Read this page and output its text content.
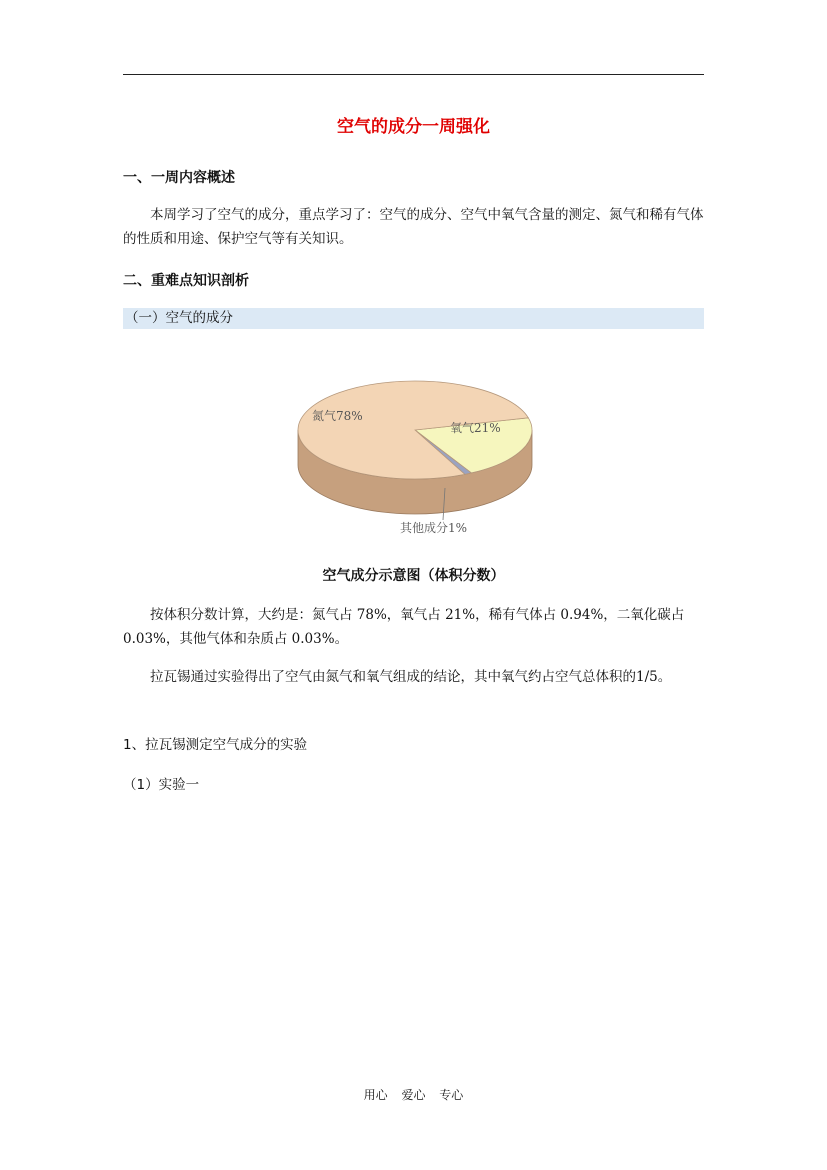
空气的成分一周强化
一、一周内容概述
本周学习了空气的成分，重点学习了：空气的成分、空气中氧气含量的测定、氮气和稀有气体的性质和用途、保护空气等有关知识。
二、重难点知识剖析
（一）空气的成分
氮气78%
氧气21%
其他成分1%
空气成分示意图（体积分数）
按体积分数计算，大约是：氮气占 78%，氧气占 21%，稀有气体占 0.94%，二氧化碳占 0.03%，其他气体和杂质占 0.03%。
拉瓦锡通过实验得出了空气由氮气和氧气组成的结论，其中氧气约占空气总体积的1/5。
1、拉瓦锡测定空气成分的实验
（1）实验一
用心 爱心 专心
